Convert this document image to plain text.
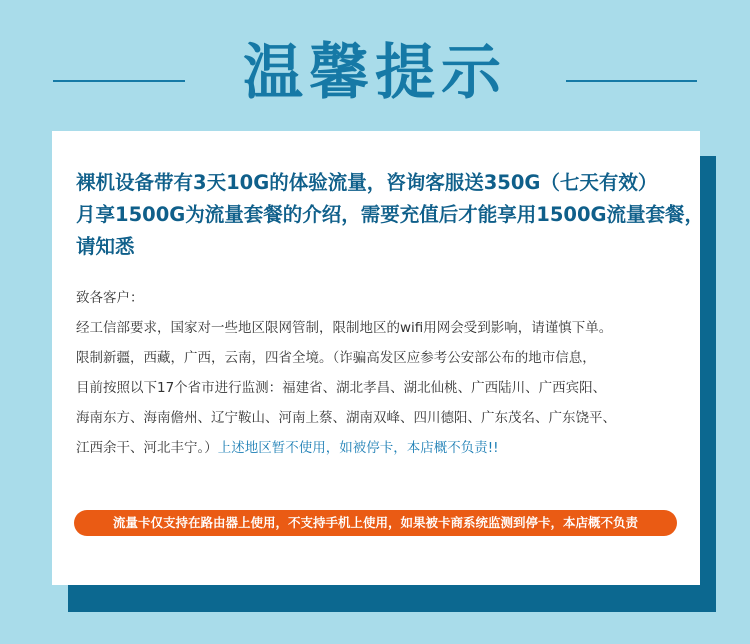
温馨提示
裸机设备带有3天10G的体验流量，咨询客服送350G（七天有效）
月享1500G为流量套餐的介绍，需要充值后才能享用1500G流量套餐，
请知悉
致各客户：
经工信部要求，国家对一些地区限网管制，限制地区的wifi用网会受到影响，请谨慎下单。
限制新疆，西藏，广西，云南，四省全境。（诈骗高发区应参考公安部公布的地市信息，
目前按照以下17个省市进行监测：福建省、湖北孝昌、湖北仙桃、广西陆川、广西宾阳、
海南东方、海南儋州、辽宁鞍山、河南上蔡、湖南双峰、四川德阳、广东茂名、广东饶平、
江西余干、河北丰宁。）上述地区暂不使用，如被停卡，本店概不负责!!
流量卡仅支持在路由器上使用，不支持手机上使用，如果被卡商系统监测到停卡，本店概不负责
